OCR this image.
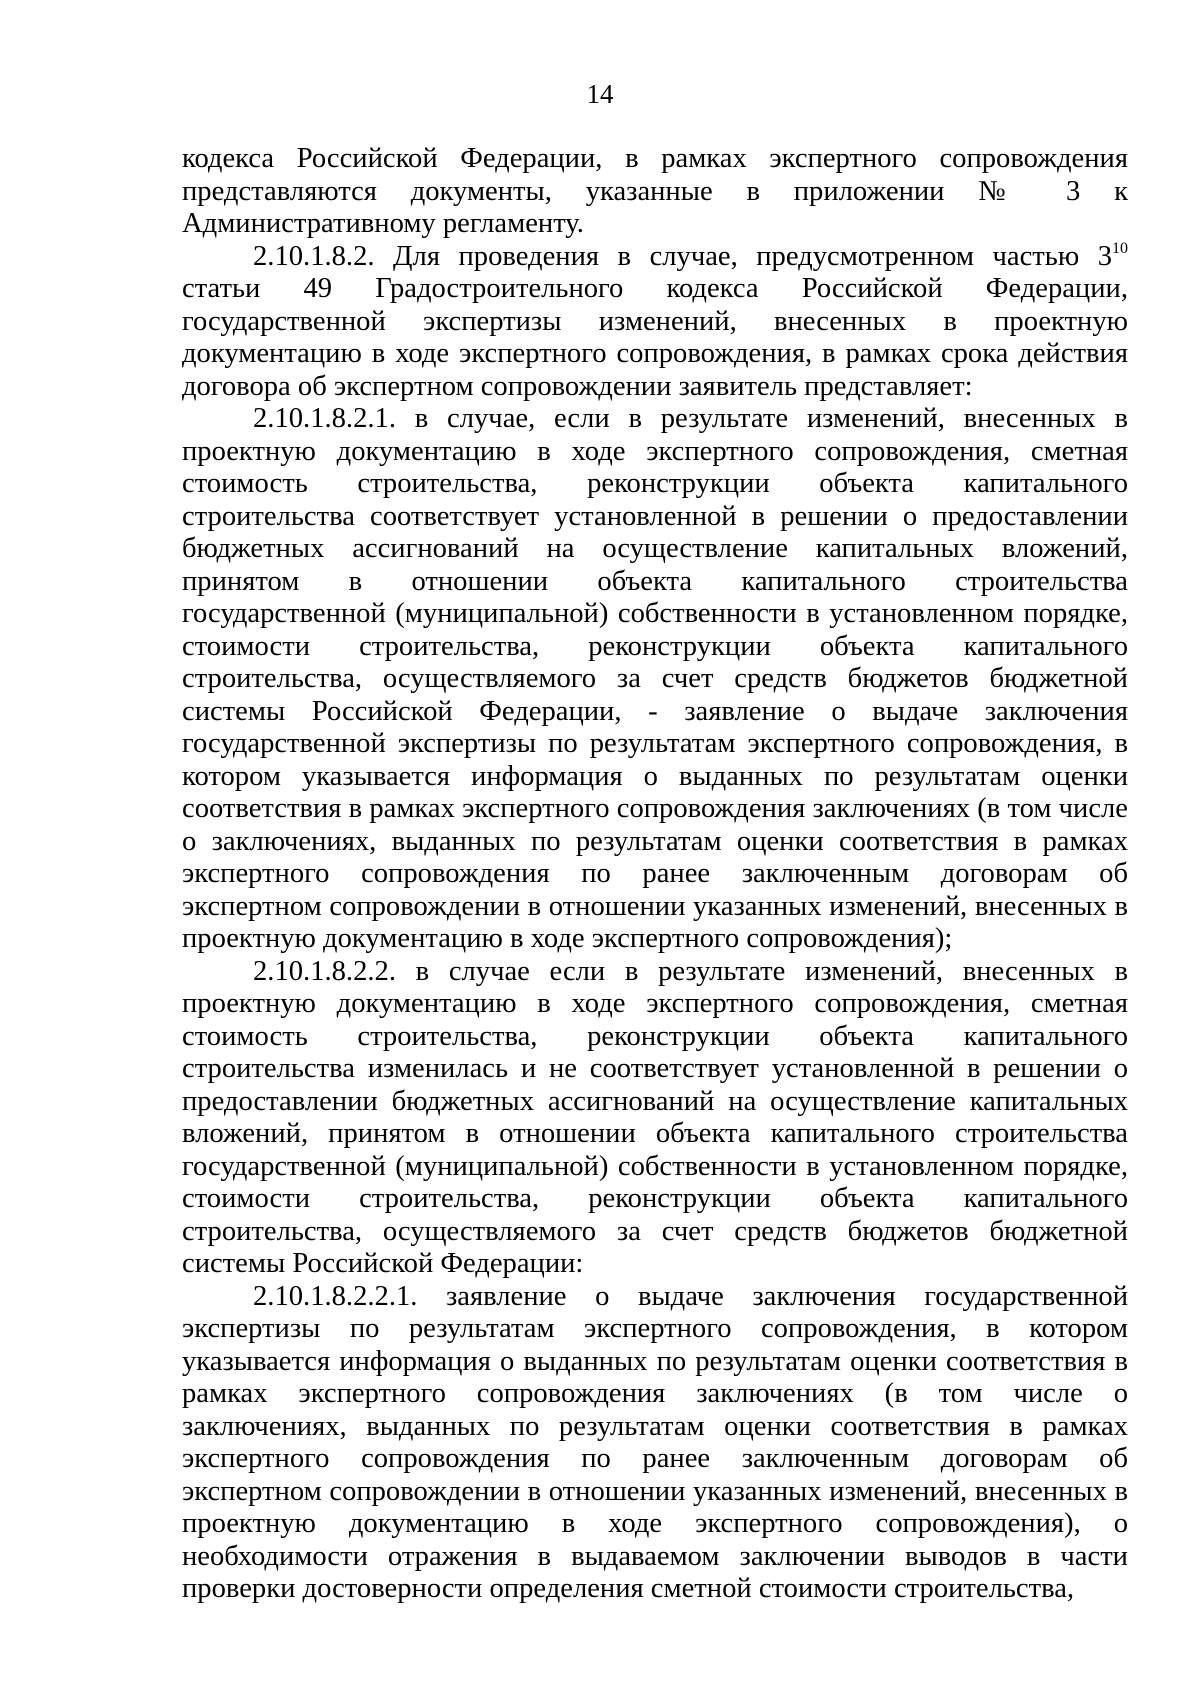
14

кодекса Российской Федерации, в рамках экспертного сопровождения представляются документы, указанные в приложении № 3 к Административному регламенту.

2.10.1.8.2. Для проведения в случае, предусмотренном частью $3^{10}$ статьи 49 Градостроительного кодекса Российской Федерации, государственной экспертизы изменений, внесенных в проектную документацию в ходе экспертного сопровождения, в рамках срока действия договора об экспертном сопровождении заявитель представляет:

2.10.1.8.2.1. в случае, если в результате изменений, внесенных в проектную документацию в ходе экспертного сопровождения, сметная стоимость строительства, реконструкции объекта капитального строительства соответствует установленной в решении о предоставлении бюджетных ассигнований на осуществление капитальных вложений, принятом в отношении объекта капитального строительства государственной (муниципальной) собственности в установленном порядке, стоимости строительства, реконструкции объекта капитального строительства, осуществляемого за счет средств бюджетов бюджетной системы Российской Федерации, - заявление о выдаче заключения государственной экспертизы по результатам экспертного сопровождения, в котором указывается информация о выданных по результатам оценки соответствия в рамках экспертного сопровождения заключениях (в том числе о заключениях, выданных по результатам оценки соответствия в рамках экспертного сопровождения по ранее заключенным договорам об экспертном сопровождении в отношении указанных изменений, внесенных в проектную документацию в ходе экспертного сопровождения);

2.10.1.8.2.2. в случае если в результате изменений, внесенных в проектную документацию в ходе экспертного сопровождения, сметная стоимость строительства, реконструкции объекта капитального строительства изменилась и не соответствует установленной в решении о предоставлении бюджетных ассигнований на осуществление капитальных вложений, принятом в отношении объекта капитального строительства государственной (муниципальной) собственности в установленном порядке, стоимости строительства, реконструкции объекта капитального строительства, осуществляемого за счет средств бюджетов бюджетной системы Российской Федерации:

2.10.1.8.2.2.1. заявление о выдаче заключения государственной экспертизы по результатам экспертного сопровождения, в котором указывается информация о выданных по результатам оценки соответствия в рамках экспертного сопровождения заключениях (в том числе о заключениях, выданных по результатам оценки соответствия в рамках экспертного сопровождения по ранее заключенным договорам об экспертном сопровождении в отношении указанных изменений, внесенных в проектную документацию в ходе экспертного сопровождения), о необходимости отражения в выдаваемом заключении выводов в части проверки достоверности определения сметной стоимости строительства,
